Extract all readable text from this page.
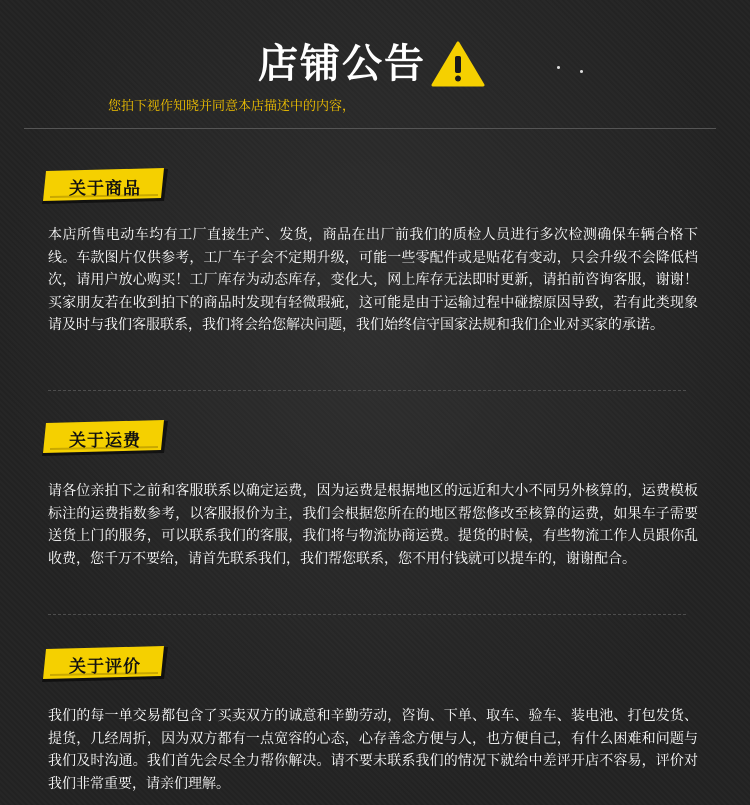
店铺公告
您拍下视作知晓并同意本店描述中的内容，
关于商品
本店所售电动车均有工厂直接生产、发货，商品在出厂前我们的质检人员进行多次检测确保车辆合格下线。车款图片仅供参考，工厂车子会不定期升级，可能一些零配件或是贴花有变动，只会升级不会降低档次，请用户放心购买！工厂库存为动态库存，变化大，网上库存无法即时更新，请拍前咨询客服，谢谢！买家朋友若在收到拍下的商品时发现有轻微瑕疵，这可能是由于运输过程中碰擦原因导致，若有此类现象请及时与我们客服联系，我们将会给您解决问题，我们始终信守国家法规和我们企业对买家的承诺。
关于运费
请各位亲拍下之前和客服联系以确定运费，因为运费是根据地区的远近和大小不同另外核算的，运费模板标注的运费指数参考，以客服报价为主，我们会根据您所在的地区帮您修改至核算的运费，如果车子需要送货上门的服务，可以联系我们的客服，我们将与物流协商运费。提货的时候，有些物流工作人员跟你乱收费，您千万不要给，请首先联系我们，我们帮您联系，您不用付钱就可以提车的，谢谢配合。
关于评价
我们的每一单交易都包含了买卖双方的诚意和辛勤劳动，咨询、下单、取车、验车、装电池、打包发货、提货，几经周折，因为双方都有一点宽容的心态，心存善念方便与人，也方便自己，有什么困难和问题与我们及时沟通。我们首先会尽全力帮你解决。请不要未联系我们的情况下就给中差评开店不容易，评价对我们非常重要，请亲们理解。
